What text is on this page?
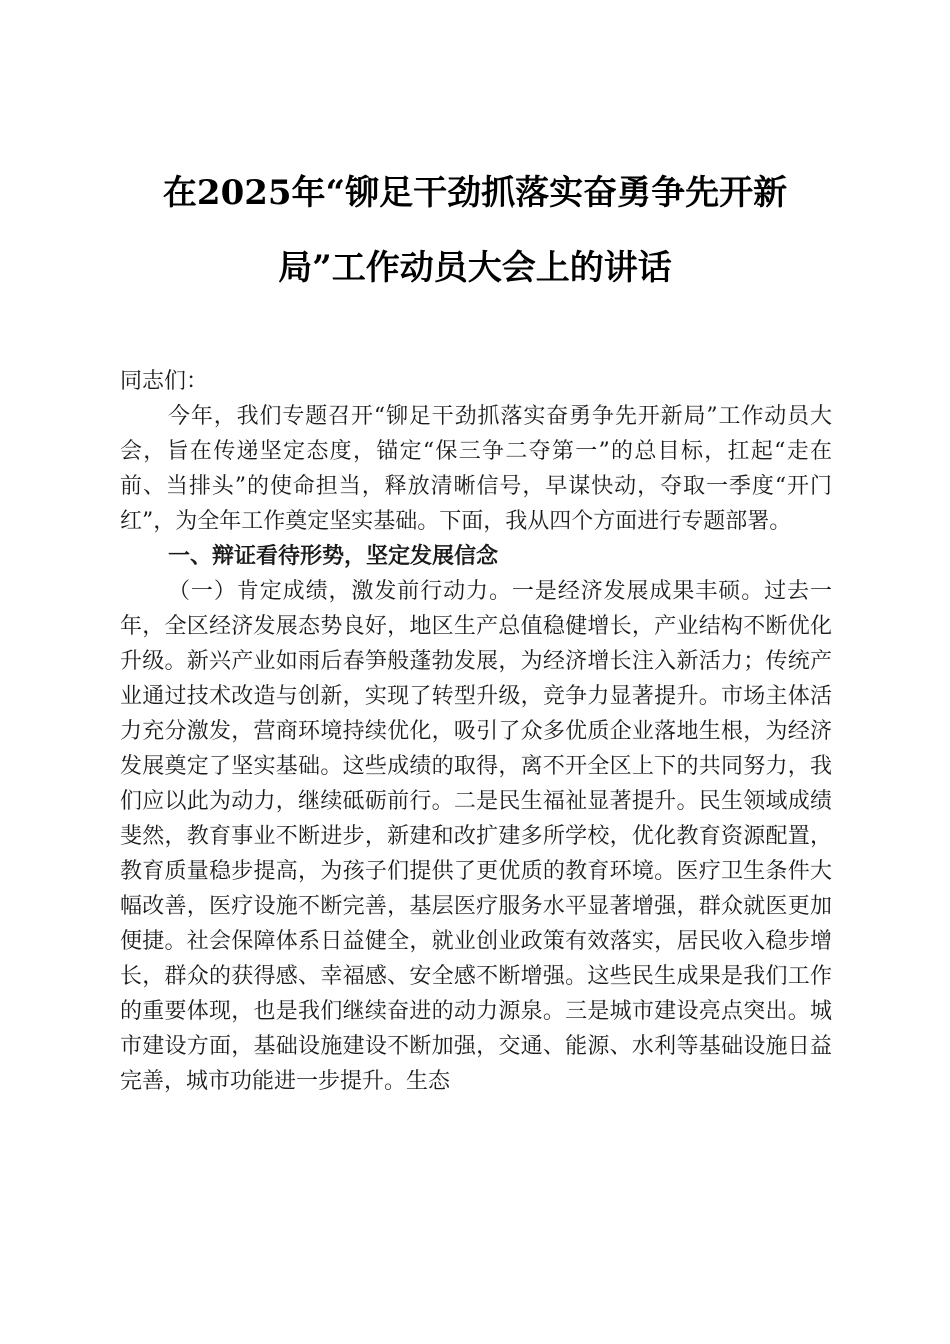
在2025年“铆足干劲抓落实奋勇争先开新
局”工作动员大会上的讲话

同志们：

今年，我们专题召开“铆足干劲抓落实奋勇争先开新局”工作动员大会，旨在传递坚定态度，锚定“保三争二夺第一”的总目标，扛起“走在前、当排头”的使命担当，释放清晰信号，早谋快动，夺取一季度“开门红”，为全年工作奠定坚实基础。下面，我从四个方面进行专题部署。

一、辩证看待形势，坚定发展信念

（一）肯定成绩，激发前行动力。一是经济发展成果丰硕。过去一年，全区经济发展态势良好，地区生产总值稳健增长，产业结构不断优化升级。新兴产业如雨后春笋般蓬勃发展，为经济增长注入新活力；传统产业通过技术改造与创新，实现了转型升级，竞争力显著提升。市场主体活力充分激发，营商环境持续优化，吸引了众多优质企业落地生根，为经济发展奠定了坚实基础。这些成绩的取得，离不开全区上下的共同努力，我们应以此为动力，继续砥砺前行。二是民生福祉显著提升。民生领域成绩斐然，教育事业不断进步，新建和改扩建多所学校，优化教育资源配置，教育质量稳步提高，为孩子们提供了更优质的教育环境。医疗卫生条件大幅改善，医疗设施不断完善，基层医疗服务水平显著增强，群众就医更加便捷。社会保障体系日益健全，就业创业政策有效落实，居民收入稳步增长，群众的获得感、幸福感、安全感不断增强。这些民生成果是我们工作的重要体现，也是我们继续奋进的动力源泉。三是城市建设亮点突出。城市建设方面，基础设施建设不断加强，交通、能源、水利等基础设施日益完善，城市功能进一步提升。生态
